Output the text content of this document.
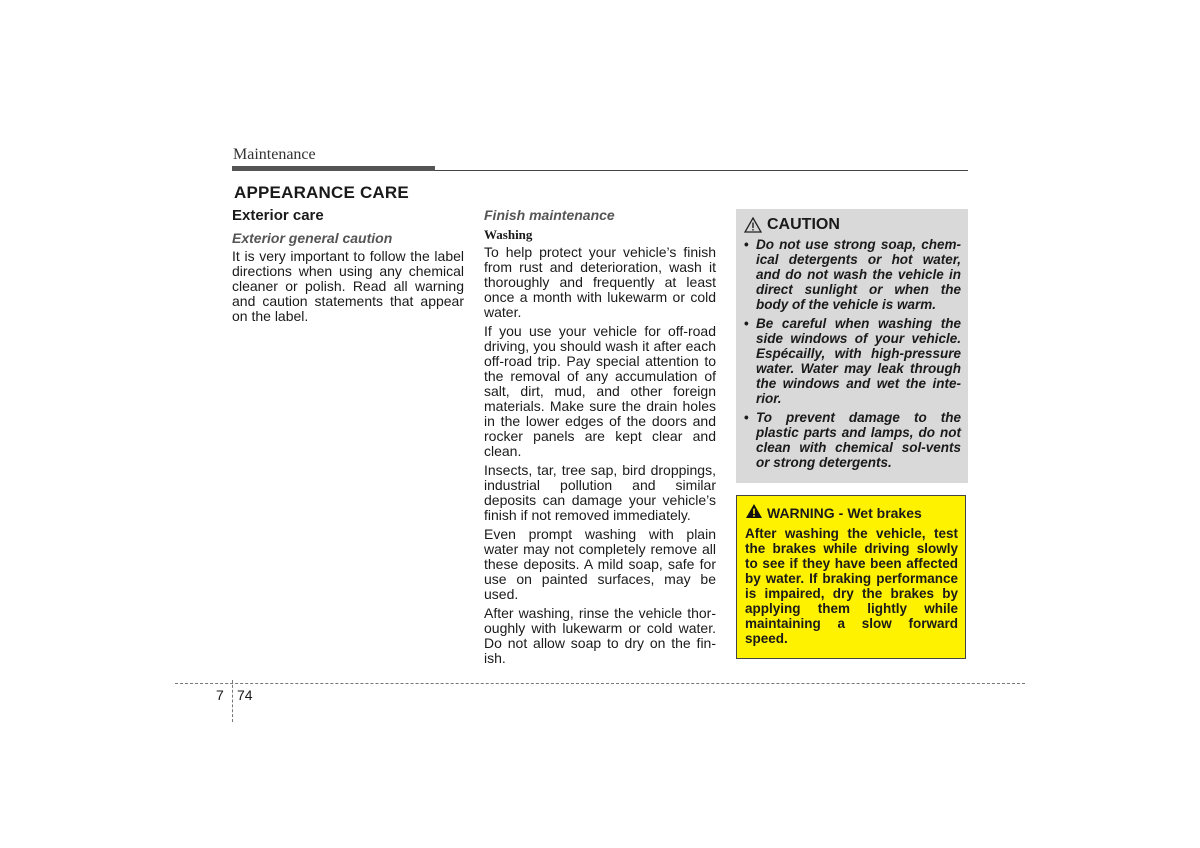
Maintenance
APPEARANCE CARE
Exterior care
Exterior general caution

It is very important to follow the label directions when using any chemical cleaner or polish. Read all warning and caution statements that appear on the label.

Finish maintenance
Washing

To help protect your vehicle’s finish from rust and deterioration, wash it thoroughly and frequently at least once a month with lukewarm or cold water.

If you use your vehicle for off-road driving, you should wash it after each off-road trip. Pay special attention to the removal of any accumulation of salt, dirt, mud, and other foreign materials. Make sure the drain holes in the lower edges of the doors and rocker panels are kept clear and clean.

Insects, tar, tree sap, bird droppings, industrial pollution and similar deposits can damage your vehicle’s finish if not removed immediately.

Even prompt washing with plain water may not completely remove all these deposits. A mild soap, safe for use on painted surfaces, may be used.

After washing, rinse the vehicle thor-oughly with lukewarm or cold water. Do not allow soap to dry on the fin-ish.

CAUTION
• Do not use strong soap, chem-ical detergents or hot water, and do not wash the vehicle in direct sunlight or when the body of the vehicle is warm.
• Be careful when washing the side windows of your vehicle. Espécailly, with high-pressure water. Water may leak through the windows and wet the inte-rior.
• To prevent damage to the plastic parts and lamps, do not clean with chemical sol-vents or strong detergents.
WARNING - Wet brakes

After washing the vehicle, test the brakes while driving slowly to see if they have been affected by water. If braking performance is impaired, dry the brakes by applying them lightly while maintaining a slow forward speed.

7 74
